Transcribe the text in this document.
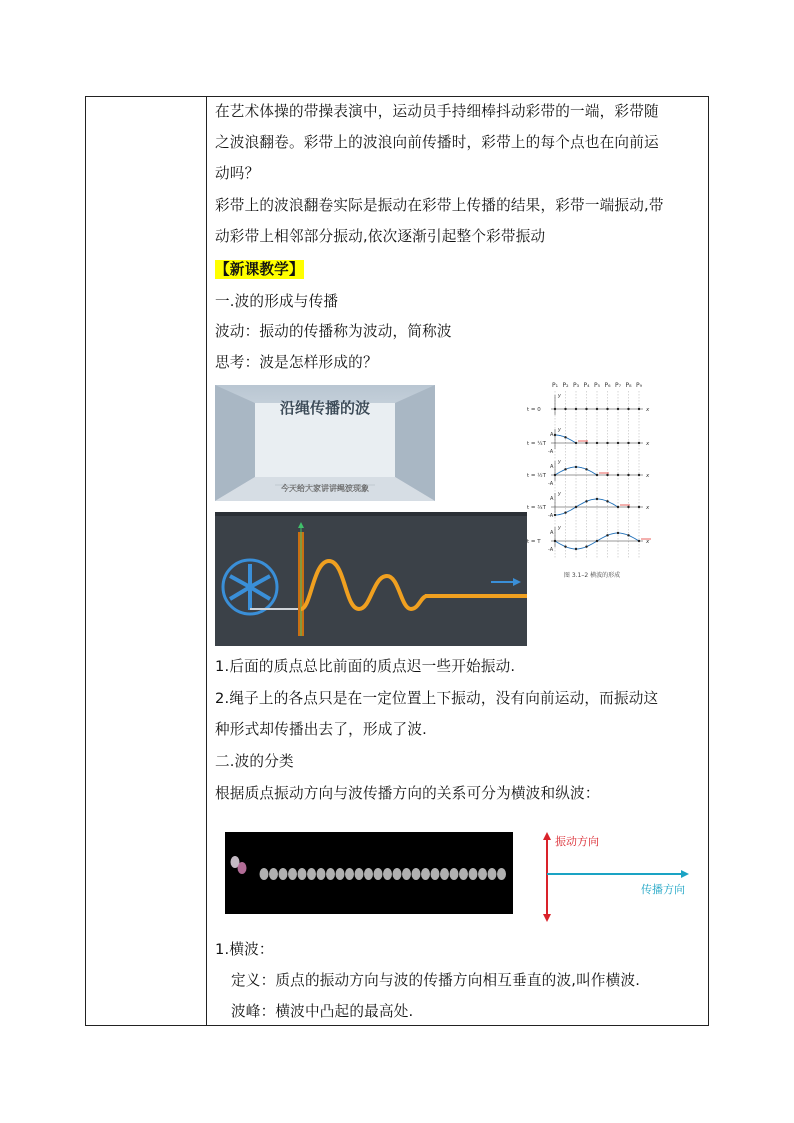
在艺术体操的带操表演中，运动员手持细棒抖动彩带的一端，彩带随
之波浪翻卷。彩带上的波浪向前传播时，彩带上的每个点也在向前运
动吗？
彩带上的波浪翻卷实际是振动在彩带上传播的结果，彩带一端振动,带
动彩带上相邻部分振动,依次逐渐引起整个彩带振动
【新课教学】
一.波的形成与传播
波动：振动的传播称为波动，简称波
思考：波是怎样形成的？
沿绳传播的波
今天给大家讲讲绳波现象
P₁ P₂ P₃ P₄ P₅ P₆ P₇ P₈ P₉
t = 0	x
y
t = ¼T	x
y
A
-A
t = ½T	x
y
A
-A
t = ¾T	x
y
A
-A
t = T	x
y
A
-A
图 3.1–2 横波的形成
1.后面的质点总比前面的质点迟一些开始振动.
2.绳子上的各点只是在一定位置上下振动，没有向前运动，而振动这
种形式却传播出去了，形成了波.
二.波的分类
根据质点振动方向与波传播方向的关系可分为横波和纵波：
振动方向
传播方向
1.横波：
定义：质点的振动方向与波的传播方向相互垂直的波,叫作横波.
波峰：横波中凸起的最高处.
